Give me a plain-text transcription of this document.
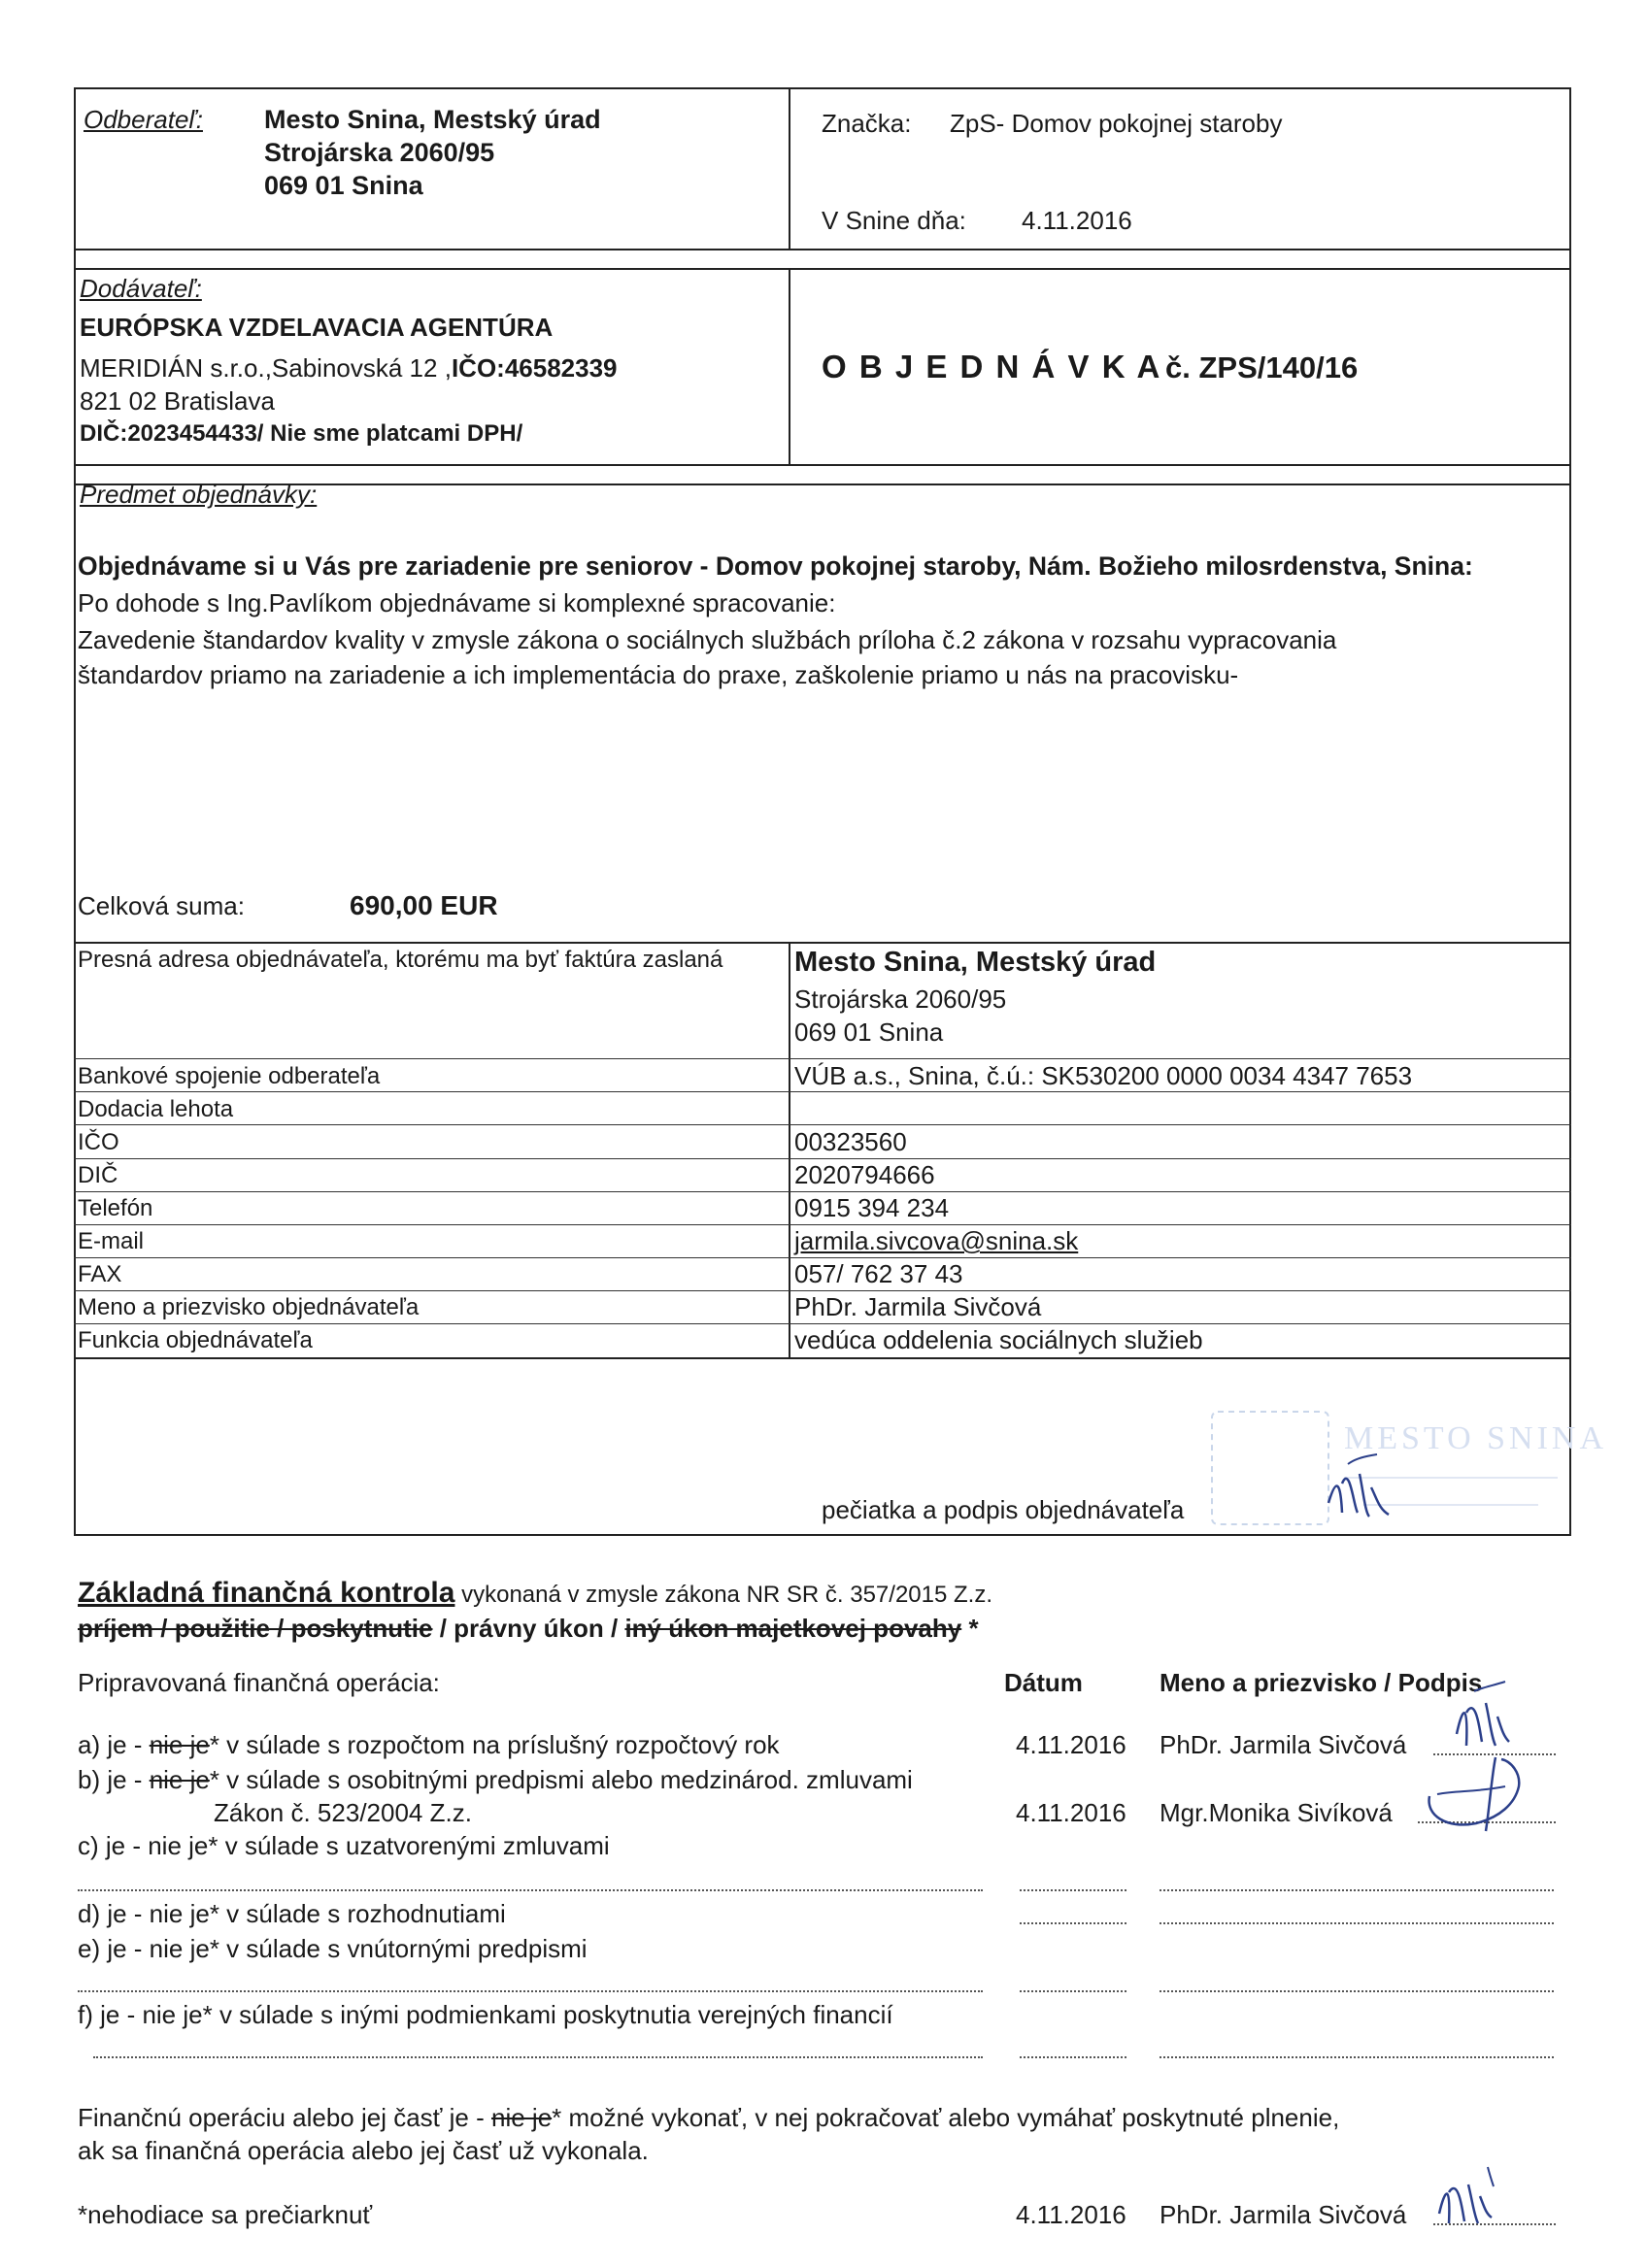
Odberateľ: Mesto Snina, Mestský úrad
Strojárska 2060/95
069 01 Snina
Značka: ZpS- Domov pokojnej staroby
V Snine dňa: 4.11.2016
Dodávateľ:
EURÓPSKA VZDELAVACIA AGENTÚRA
MERIDIÁN s.r.o.,Sabinovská 12 ,IČO:46582339
821 02 Bratislava
DIČ:2023454433/ Nie sme platcami DPH/
O B J E D N Á V K A č. ZPS/140/16
Predmet objednávky:
Objednávame si u Vás pre zariadenie pre seniorov - Domov pokojnej staroby, Nám. Božieho milosrdenstva, Snina:
Po dohode s Ing.Pavlíkom objednávame si komplexné spracovanie:
Zavedenie štandardov kvality v zmysle zákona o sociálnych službách príloha č.2 zákona v rozsahu vypracovania
štandardov priamo na zariadenie a ich implementácia do praxe, zaškolenie priamo u nás na pracovisku-
Celková suma:	690,00 EUR
Presná adresa objednávateľa, ktorému ma byť faktúra zaslaná	Mesto Snina, Mestský úrad
Strojárska 2060/95
069 01 Snina
Bankové spojenie odberateľa	VÚB a.s., Snina, č.ú.: SK530200 0000 0034 4347 7653
Dodacia lehota
IČO	00323560
DIČ	2020794666
Telefón	0915 394 234
E-mail	jarmila.sivcova@snina.sk
FAX	057/ 762 37 43
Meno a priezvisko objednávateľa	PhDr. Jarmila Sivčová
Funkcia objednávateľa	vedúca oddelenia sociálnych služieb
MESTO SNINA
pečiatka a podpis objednávateľa
Základná finančná kontrola vykonaná v zmysle zákona NR SR č. 357/2015 Z.z.
príjem / použitie / poskytnutie / právny úkon / iný úkon majetkovej povahy *
Pripravovaná finančná operácia:	Dátum	Meno a priezvisko / Podpis
a) je - nie je* v súlade s rozpočtom na príslušný rozpočtový rok	4.11.2016 PhDr. Jarmila Sivčová
b) je - nie je* v súlade s osobitnými predpismi alebo medzinárod. zmluvami
Zákon č. 523/2004 Z.z.	4.11.2016 Mgr.Monika Sivíková
c) je - nie je* v súlade s uzatvorenými zmluvami
d) je - nie je* v súlade s rozhodnutiami
e) je - nie je* v súlade s vnútornými predpismi
f) je - nie je* v súlade s inými podmienkami poskytnutia verejných financií
Finančnú operáciu alebo jej časť je - nie je* možné vykonať, v nej pokračovať alebo vymáhať poskytnuté plnenie,
ak sa finančná operácia alebo jej časť už vykonala.
*nehodiace sa prečiarknuť	4.11.2016 PhDr. Jarmila Sivčová
